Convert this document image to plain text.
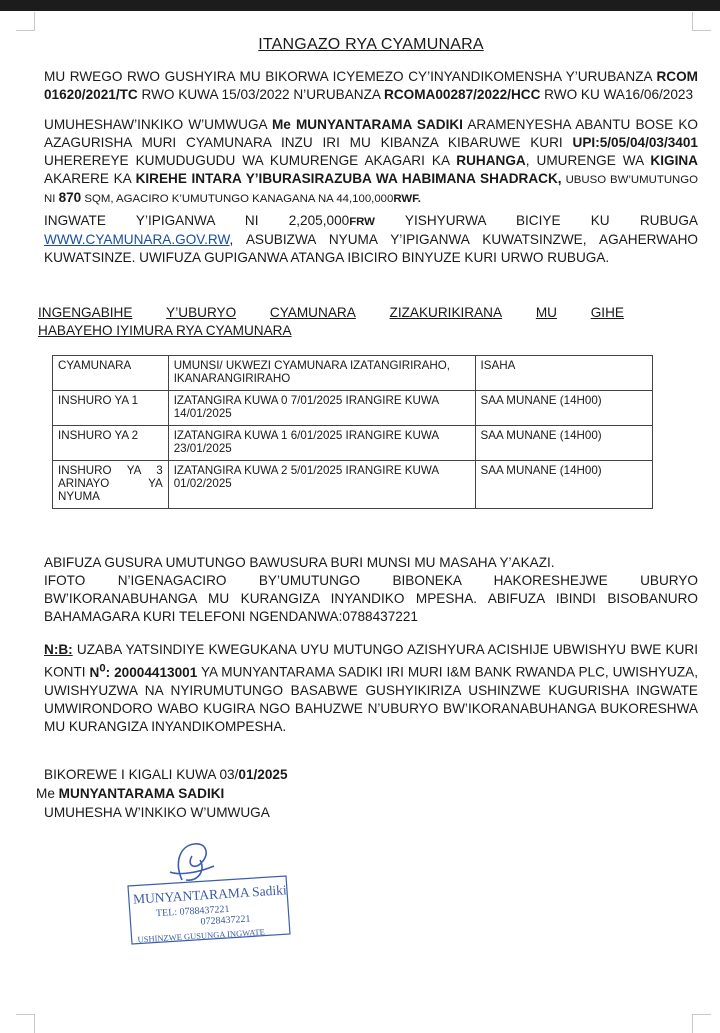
ITANGAZO RYA CYAMUNARA

MU RWEGO RWO GUSHYIRA MU BIKORWA ICYEMEZO CY’INYANDIKOMENSHA Y’URUBANZA RCOM 01620/2021/TC RWO KUWA 15/03/2022 N’URUBANZA RCOMA00287/2022/HCC RWO KU WA16/06/2023

UMUHESHAW’INKIKO W’UMWUGA Me MUNYANTARAMA SADIKI ARAMENYESHA ABANTU BOSE KO AZAGURISHA MURI CYAMUNARA INZU IRI MU KIBANZA KIBARUWE KURI UPI:5/05/04/03/3401 UHEREREYE KUMUDUGUDU WA KUMURENGE AKAGARI KA RUHANGA, UMURENGE WA KIGINA AKARERE KA KIREHE INTARA Y’IBURASIRAZUBA WA HABIMANA SHADRACK, UBUSO BW’UMUTUNGO NI 870 SQM, AGACIRO K’UMUTUNGO KANAGANA NA 44,100,000RWF.

INGWATE Y’IPIGANWA NI 2,205,000FRW YISHYURWA BICIYE KU RUBUGA WWW.CYAMUNARA.GOV.RW, ASUBIZWA NYUMA Y’IPIGANWA KUWATSINZWE, AGAHERWAHO KUWATSINZE. UWIFUZA GUPIGANWA ATANGA IBICIRO BINYUZE KURI URWO RUBUGA.

INGENGABIHE Y’UBURYO CYAMUNARA ZIZAKURIKIRANA MU GIHE
HABAYEHO IYIMURA RYA CYAMUNARA
CYAMUNARA	UMUNSI/ UKWEZI CYAMUNARA IZATANGIRIRAHO, IKANARANGIRIRAHO	ISAHA
INSHURO YA 1	IZATANGIRA KUWA 0 7/01/2025 IRANGIRE KUWA 14/01/2025	SAA MUNANE (14H00)
INSHURO YA 2	IZATANGIRA KUWA 1 6/01/2025 IRANGIRE KUWA 23/01/2025	SAA MUNANE (14H00)
INSHURO YA 3 ARINAYO YA NYUMA	IZATANGIRA KUWA 2 5/01/2025 IRANGIRE KUWA 01/02/2025	SAA MUNANE (14H00)

ABIFUZA GUSURA UMUTUNGO BAWUSURA BURI MUNSI MU MASAHA Y’AKAZI.
IFOTO N’IGENAGACIRO BY’UMUTUNGO BIBONEKA HAKORESHEJWE UBURYO BW’IKORANABUHANGA MU KURANGIZA INYANDIKO MPESHA. ABIFUZA IBINDI BISOBANURO BAHAMAGARA KURI TELEFONI NGENDANWA:0788437221

N:B: UZABA YATSINDIYE KWEGUKANA UYU MUTUNGO AZISHYURA ACISHIJE UBWISHYU BWE KURI KONTI $N^0$: 20004413001 YA MUNYANTARAMA SADIKI IRI MURI I&M BANK RWANDA PLC, UWISHYUZA, UWISHYUZWA NA NYIRUMUTUNGO BASABWE GUSHYIKIRIZA USHINZWE KUGURISHA INGWATE UMWIRONDORO WABO KUGIRA NGO BAHUZWE N’UBURYO BW’IKORANABUHANGA BUKORESHWA MU KURANGIZA INYANDIKOMPESHA.

BIKOREWE I KIGALI KUWA 03/01/2025
Me MUNYANTARAMA SADIKI
UMUHESHA W’INKIKO W’UMWUGA
MUNYANTARAMA Sadiki
TEL: 0788437221
0728437221
USHINZWE GUSUNGA INGWATE
